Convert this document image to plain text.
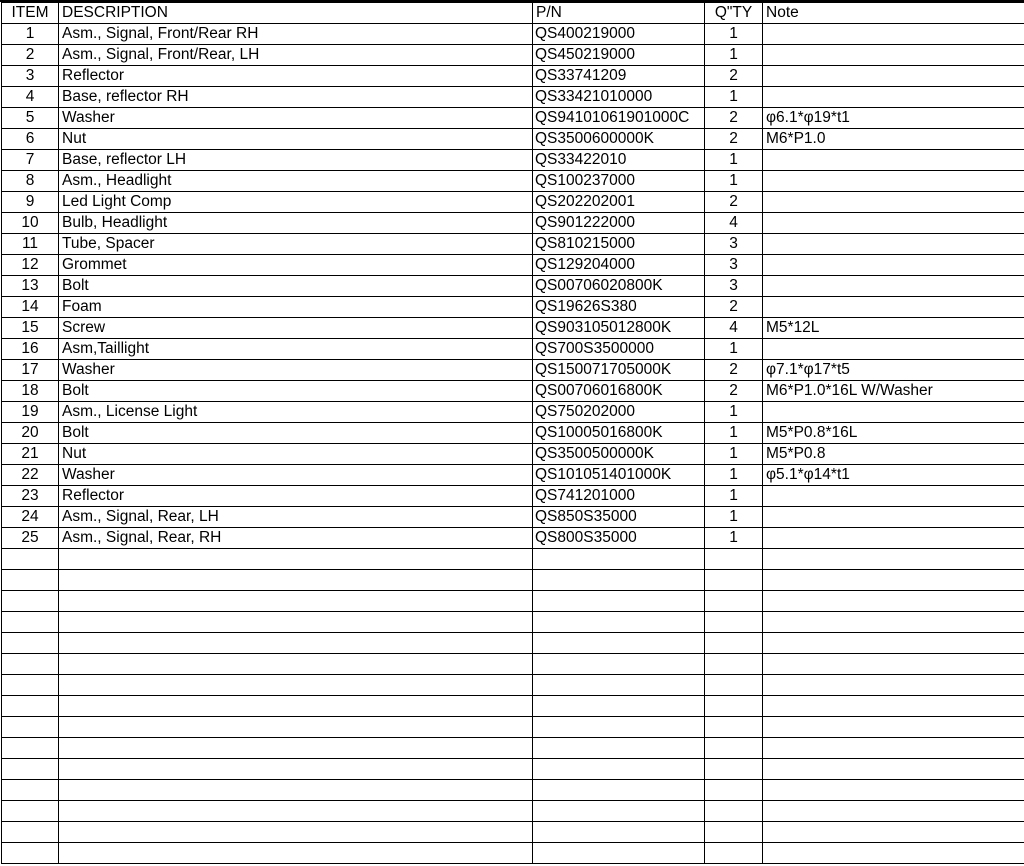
ITEM	DESCRIPTION	P/N	Q"TY	Note
1	Asm., Signal, Front/Rear RH	QS400219000	1	
2	Asm., Signal, Front/Rear, LH	QS450219000	1	
3	Reflector	QS33741209	2	
4	Base, reflector RH	QS33421010000	1	
5	Washer	QS94101061901000C	2	φ6.1*φ19*t1
6	Nut	QS3500600000K	2	M6*P1.0
7	Base, reflector LH	QS33422010	1	
8	Asm., Headlight	QS100237000	1	
9	Led Light Comp	QS202202001	2	
10	Bulb, Headlight	QS901222000	4	
11	Tube, Spacer	QS810215000	3	
12	Grommet	QS129204000	3	
13	Bolt	QS00706020800K	3	
14	Foam	QS19626S380	2	
15	Screw	QS903105012800K	4	M5*12L
16	Asm,Taillight	QS700S3500000	1	
17	Washer	QS150071705000K	2	φ7.1*φ17*t5
18	Bolt	QS00706016800K	2	M6*P1.0*16L W/Washer
19	Asm., License Light	QS750202000	1	
20	Bolt	QS10005016800K	1	M5*P0.8*16L
21	Nut	QS3500500000K	1	M5*P0.8
22	Washer	QS101051401000K	1	φ5.1*φ14*t1
23	Reflector	QS741201000	1	
24	Asm., Signal, Rear, LH	QS850S35000	1	
25	Asm., Signal, Rear, RH	QS800S35000	1	
